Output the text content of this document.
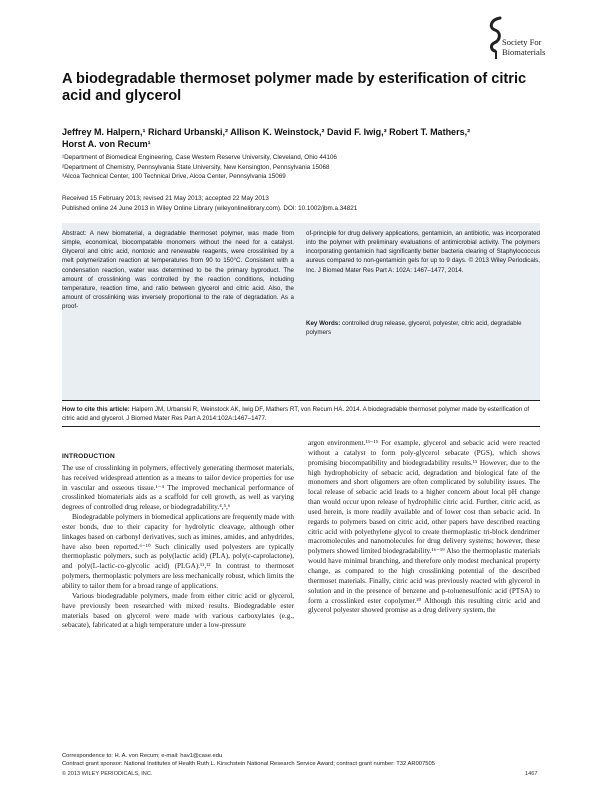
Society For
Biomaterials
A biodegradable thermoset polymer made by esterification of citric acid and glycerol
Jeffrey M. Halpern,¹ Richard Urbanski,² Allison K. Weinstock,² David F. Iwig,³ Robert T. Mathers,²
Horst A. von Recum¹
¹Department of Biomedical Engineering, Case Western Reserve University, Cleveland, Ohio 44106
²Department of Chemistry, Pennsylvania State University, New Kensington, Pennsylvania 15068
³Alcoa Technical Center, 100 Technical Drive, Alcoa Center, Pennsylvania 15069
Received 15 February 2013; revised 21 May 2013; accepted 22 May 2013
Published online 24 June 2013 in Wiley Online Library (wileyonlinelibrary.com). DOI: 10.1002/jbm.a.34821
Abstract: A new biomaterial, a degradable thermoset polymer, was made from simple, economical, biocompatable monomers without the need for a catalyst. Glycerol and citric acid, nontoxic and renewable reagents, were crosslinked by a melt polymerization reaction at temperatures from 90 to 150°C. Consistent with a condensation reaction, water was determined to be the primary byproduct. The amount of crosslinking was controlled by the reaction conditions, including temperature, reaction time, and ratio between glycerol and citric acid. Also, the amount of crosslinking was inversely proportional to the rate of degradation. As a proof-
of-principle for drug delivery applications, gentamicin, an antibiotic, was incorporated into the polymer with preliminary evaluations of antimicrobial activity. The polymers incorporating gentamicin had significantly better bacteria clearing of Staphylococcus aureus compared to non-gentamicin gels for up to 9 days. © 2013 Wiley Periodicals, Inc. J Biomed Mater Res Part A: 102A: 1467–1477, 2014.
Key Words: controlled drug release, glycerol, polyester, citric acid, degradable polymers
How to cite this article: Halpern JM, Urbanski R, Weinstock AK, Iwig DF, Mathers RT, von Recum HA. 2014. A biodegradable thermoset polymer made by esterification of citric acid and glycerol. J Biomed Mater Res Part A 2014:102A:1467–1477.
INTRODUCTION

The use of crosslinking in polymers, effectively generating thermoset materials, has received widespread attention as a means to tailor device properties for use in vascular and osseous tissue.¹⁻⁴ The improved mechanical performance of crosslinked biomaterials aids as a scaffold for cell growth, as well as varying degrees of controlled drug release, or biodegradability.⁴,⁵,⁶

Biodegradable polymers in biomedical applications are frequently made with ester bonds, due to their capacity for hydrolytic cleavage, although other linkages based on carbonyl derivatives, such as imines, amides, and anhydrides, have also been reported.⁶⁻¹⁰ Such clinically used polyesters are typically thermoplastic polymers, such as poly(lactic acid) (PLA), poly(ε-caprolactone), and poly(L-lactic-co-glycolic acid) (PLGA).¹¹,¹² In contrast to thermoset polymers, thermoplastic polymers are less mechanically robust, which limits the ability to tailor them for a broad range of applications.

Various biodegradable polymers, made from either citric acid or glycerol, have previously been researched with mixed results. Biodegradable ester materials based on glycerol were made with various carboxylates (e.g., sebacate), fabricated at a high temperature under a low-pressure

argon environment.¹³⁻¹⁵ For example, glycerol and sebacic acid were reacted without a catalyst to form poly-glycerol sebacate (PGS), which shows promising biocompatibility and biodegradability results.¹⁵ However, due to the high hydrophobicity of sebacic acid, degradation and biological fate of the monomers and short oligomers are often complicated by solubility issues. The local release of sebacic acid leads to a higher concern about local pH change than would occur upon release of hydrophilic citric acid. Further, citric acid, as used herein, is more readily available and of lower cost than sebacic acid. In regards to polymers based on citric acid, other papers have described reacting citric acid with polyethylene glycol to create thermoplastic tri-block dendrimer macromolecules and nanomolecules for drug delivery systems; however, these polymers showed limited biodegradability.¹⁶⁻¹⁹ Also the thermoplastic materials would have minimal branching, and therefore only modest mechanical property change, as compared to the high crosslinking potential of the described thermoset materials. Finally, citric acid was previously reacted with glycerol in solution and in the presence of benzene and p-toluenesulfonic acid (PTSA) to form a crosslinked ester copolymer.²⁰ Although this resulting citric acid and glycerol polyester showed promise as a drug delivery system, the

Correspondence to: H. A. von Recum; e-mail: hav1@case.edu
Contract grant sponsor: National Institutes of Health Ruth L. Kirschstein National Research Service Award; contract grant number: T32 AR007505
© 2013 WILEY PERIODICALS, INC.	1467
